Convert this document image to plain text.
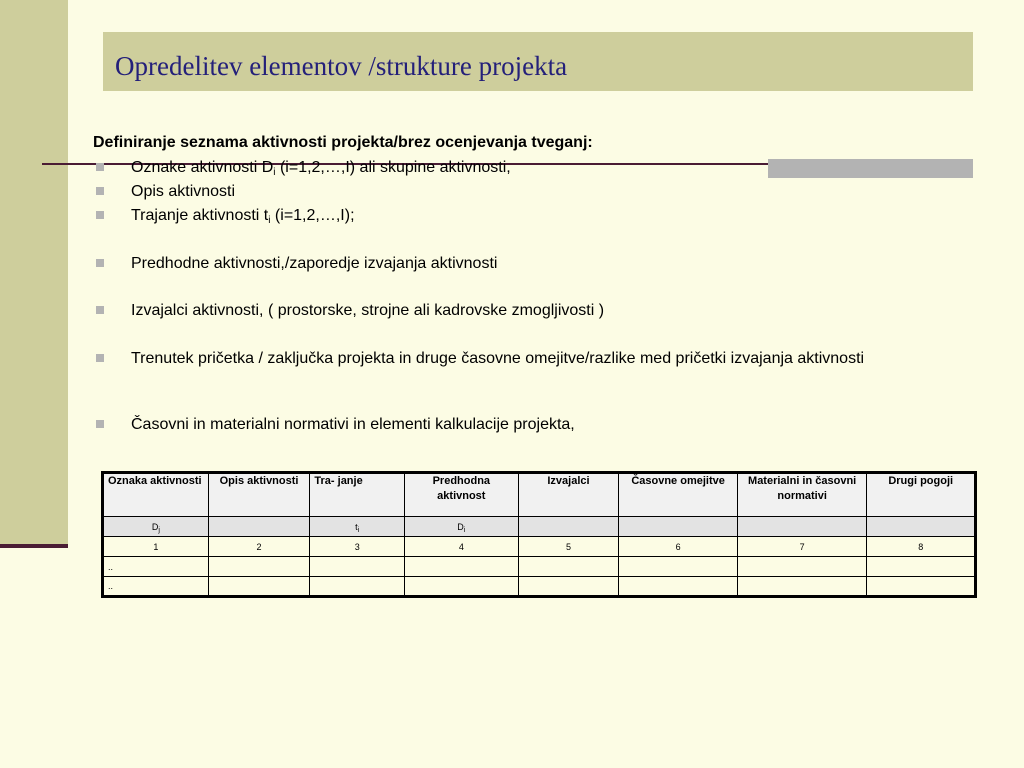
Opredelitev elementov /strukture projekta
Definiranje seznama aktivnosti projekta/brez ocenjevanja tveganj:
Oznake aktivnosti $D_i$ (i=1,2,…,I) ali skupine aktivnosti,
Opis aktivnosti
Trajanje aktivnosti $t_i$ (i=1,2,…,I);
Predhodne aktivnosti,/zaporedje izvajanja aktivnosti
Izvajalci aktivnosti, ( prostorske, strojne ali kadrovske zmogljivosti )
Trenutek pričetka / zaključka projekta in druge časovne omejitve/razlike med pričetki izvajanja aktivnosti
Časovni in materialni normativi in elementi kalkulacije projekta,
Oznaka aktivnosti	Opis aktivnosti	Tra- janje	Predhodna aktivnost	Izvajalci	Časovne omejitve	Materialni in časovni normativi	Drugi pogoji
$D_j$		$t_i$	$D_i$				
1	2	3	4	5	6	7	8
..							
..							
